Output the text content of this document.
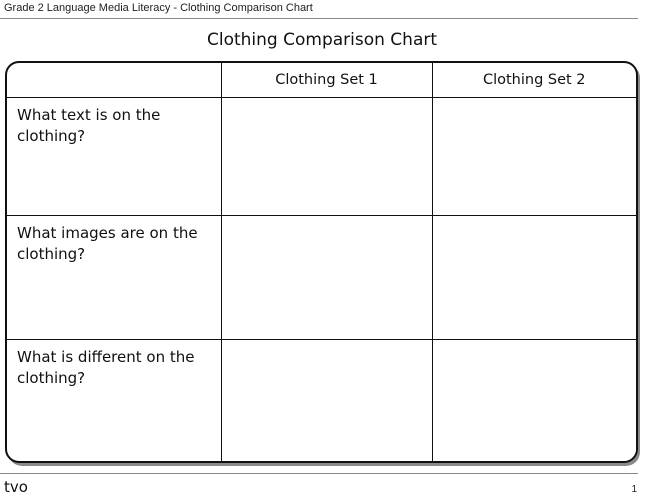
Grade 2 Language Media Literacy - Clothing Comparison Chart
Clothing Comparison Chart
	Clothing Set 1	Clothing Set 2
What text is on the clothing?		
What images are on the clothing?		
What is different on the clothing?		
tvo	1
